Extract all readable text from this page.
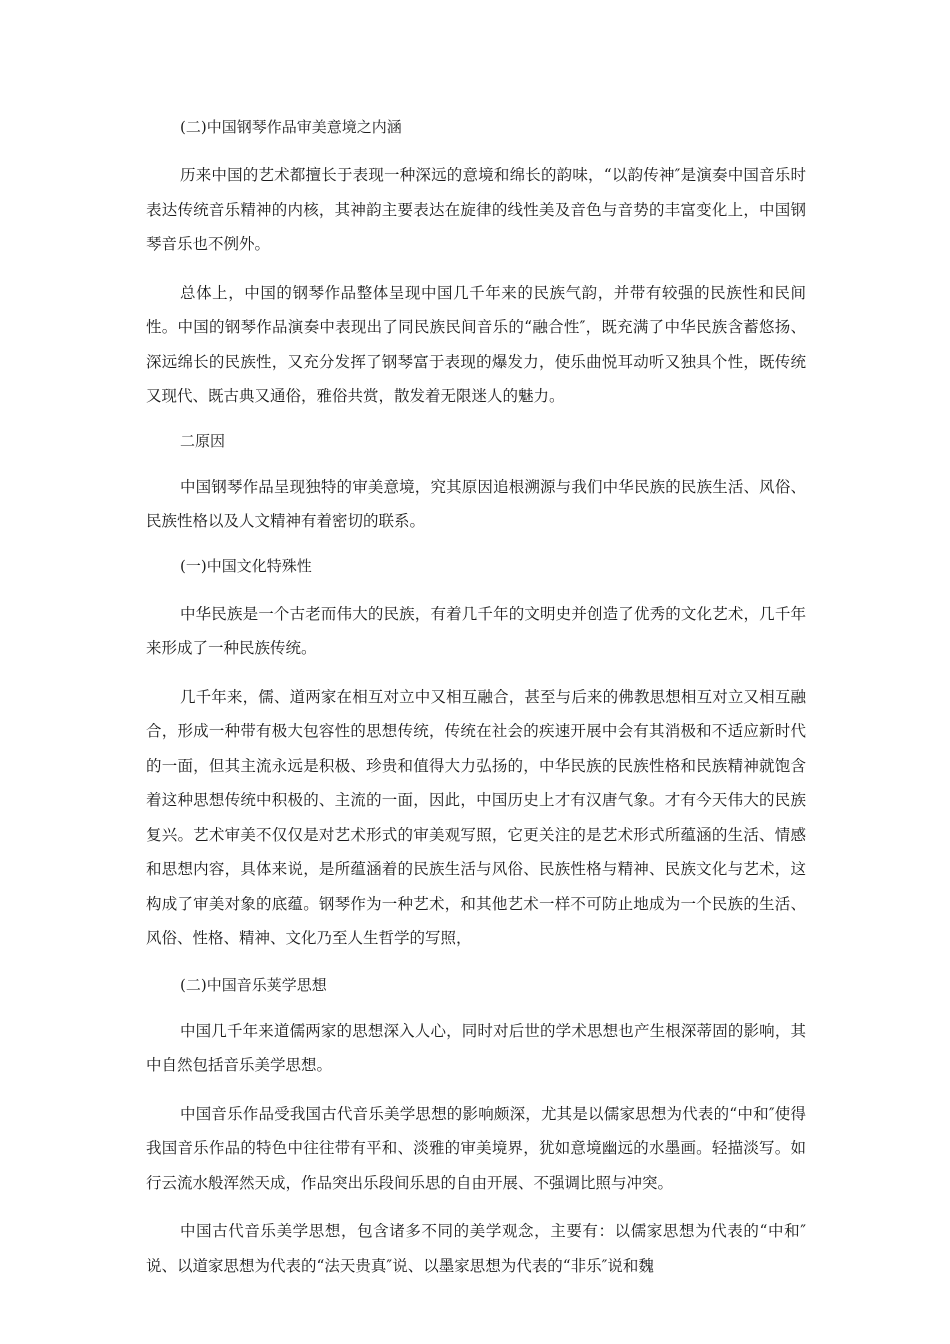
(二)中国钢琴作品审美意境之内涵

历来中国的艺术都擅长于表现一种深远的意境和绵长的韵味，“以韵传神″是演奏中国音乐时表达传统音乐精神的内核，其神韵主要表达在旋律的线性美及音色与音势的丰富变化上，中国钢琴音乐也不例外。

总体上，中国的钢琴作品整体呈现中国几千年来的民族气韵，并带有较强的民族性和民间性。中国的钢琴作品演奏中表现出了同民族民间音乐的“融合性″，既充满了中华民族含蓄悠扬、深远绵长的民族性，又充分发挥了钢琴富于表现的爆发力，使乐曲悦耳动听又独具个性，既传统又现代、既古典又通俗，雅俗共赏，散发着无限迷人的魅力。

二原因

中国钢琴作品呈现独特的审美意境，究其原因追根溯源与我们中华民族的民族生活、风俗、民族性格以及人文精神有着密切的联系。

(一)中国文化特殊性

中华民族是一个古老而伟大的民族，有着几千年的文明史并创造了优秀的文化艺术，几千年来形成了一种民族传统。

几千年来，儒、道两家在相互对立中又相互融合，甚至与后来的佛教思想相互对立又相互融合，形成一种带有极大包容性的思想传统，传统在社会的疾速开展中会有其消极和不适应新时代的一面，但其主流永远是积极、珍贵和值得大力弘扬的，中华民族的民族性格和民族精神就饱含着这种思想传统中积极的、主流的一面，因此，中国历史上才有汉唐气象。才有今天伟大的民族复兴。艺术审美不仅仅是对艺术形式的审美观写照，它更关注的是艺术形式所蕴涵的生活、情感和思想内容，具体来说，是所蕴涵着的民族生活与风俗、民族性格与精神、民族文化与艺术，这构成了审美对象的底蕴。钢琴作为一种艺术，和其他艺术一样不可防止地成为一个民族的生活、风俗、性格、精神、文化乃至人生哲学的写照，

(二)中国音乐荚学思想

中国几千年来道儒两家的思想深入人心，同时对后世的学术思想也产生根深蒂固的影响，其中自然包括音乐美学思想。

中国音乐作品受我国古代音乐美学思想的影响颇深，尤其是以儒家思想为代表的“中和″使得我国音乐作品的特色中往往带有平和、淡雅的审美境界，犹如意境幽远的水墨画。轻描淡写。如行云流水般浑然天成，作品突出乐段间乐思的自由开展、不强调比照与冲突。

中国古代音乐美学思想，包含诸多不同的美学观念，主要有：以儒家思想为代表的“中和″说、以道家思想为代表的“法天贵真″说、以墨家思想为代表的“非乐″说和魏
